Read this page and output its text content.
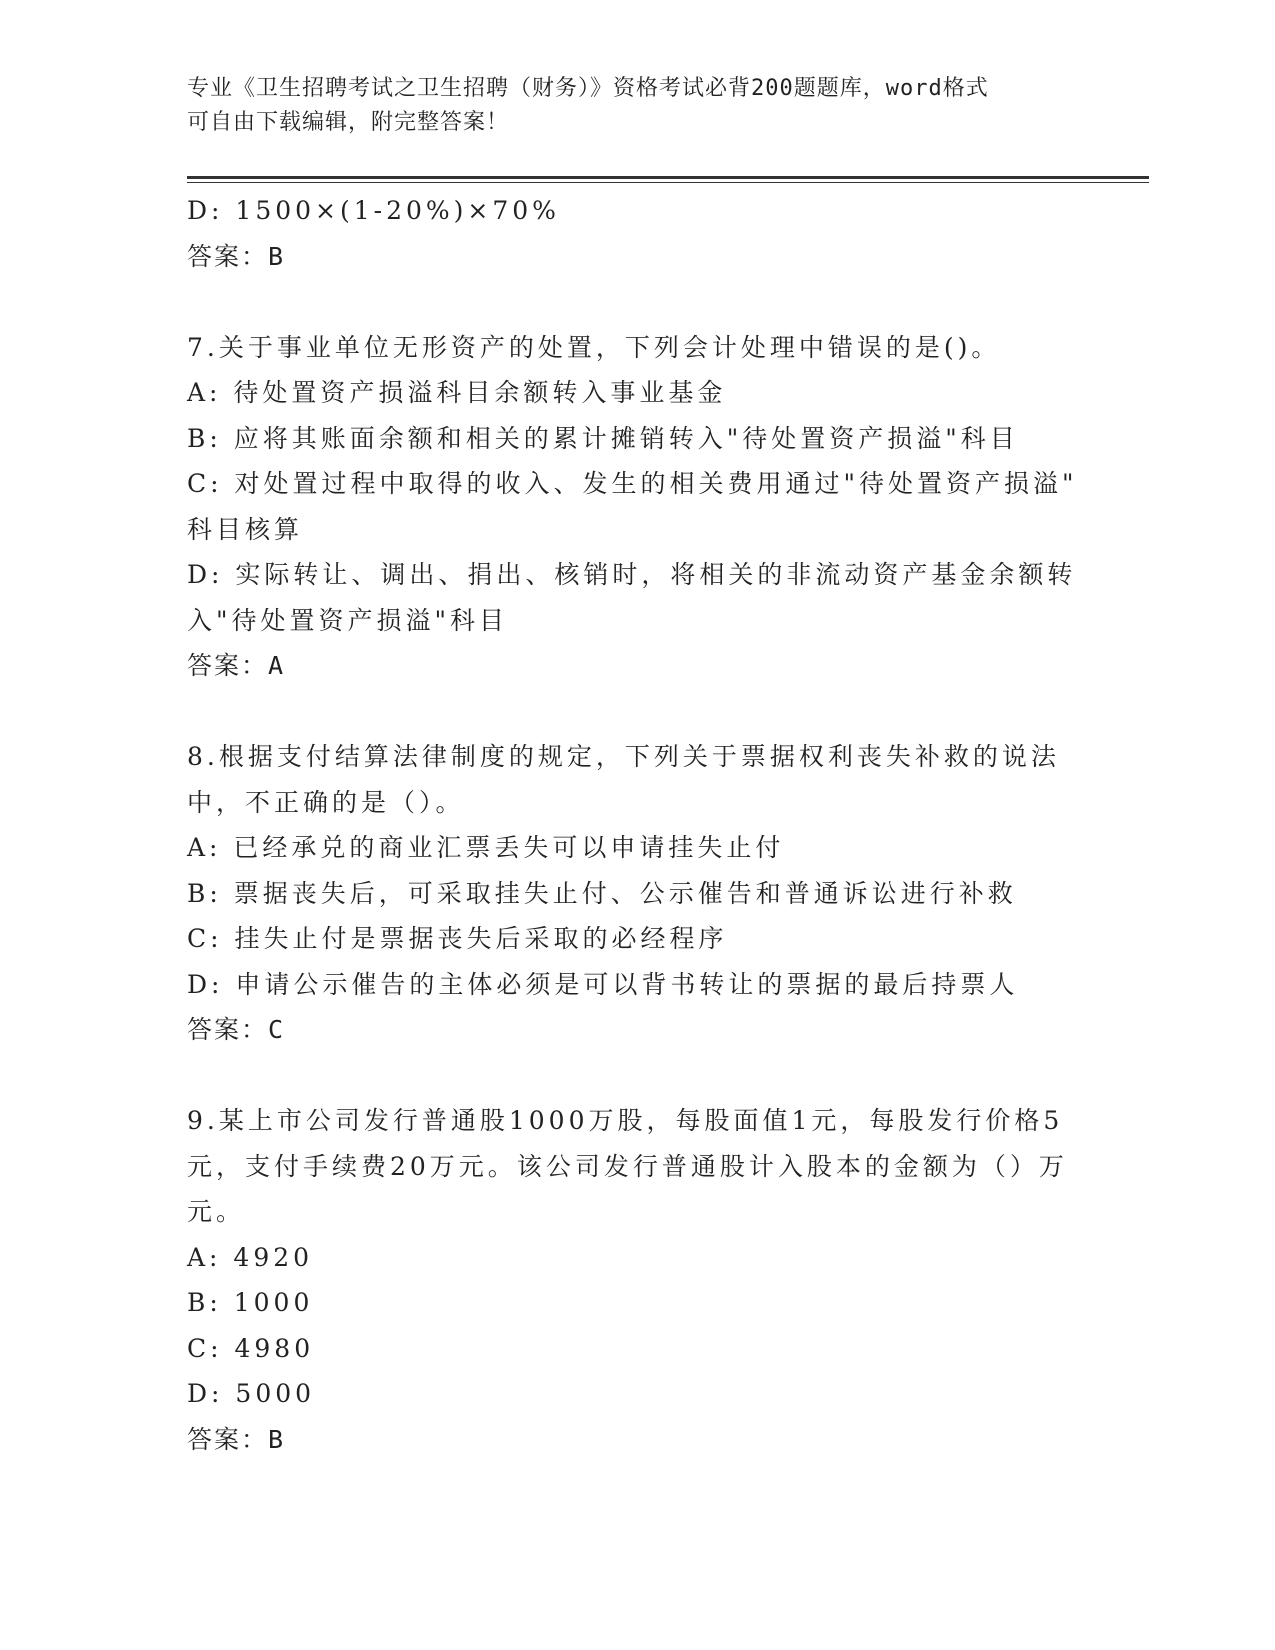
专业《卫生招聘考试之卫生招聘（财务）》资格考试必背200题题库，word格式
可自由下载编辑，附完整答案！
D: 1500×(1-20%)×70%
答案：B
7.关于事业单位无形资产的处置，下列会计处理中错误的是()。
A: 待处置资产损溢科目余额转入事业基金
B: 应将其账面余额和相关的累计摊销转入"待处置资产损溢"科目
C: 对处置过程中取得的收入、发生的相关费用通过"待处置资产损溢"
科目核算
D: 实际转让、调出、捐出、核销时，将相关的非流动资产基金余额转
入"待处置资产损溢"科目
答案：A
8.根据支付结算法律制度的规定，下列关于票据权利丧失补救的说法
中，不正确的是（）。
A: 已经承兑的商业汇票丢失可以申请挂失止付
B: 票据丧失后，可采取挂失止付、公示催告和普通诉讼进行补救
C: 挂失止付是票据丧失后采取的必经程序
D: 申请公示催告的主体必须是可以背书转让的票据的最后持票人
答案：C
9.某上市公司发行普通股1000万股，每股面值1元，每股发行价格5
元，支付手续费20万元。该公司发行普通股计入股本的金额为（）万
元。
A: 4920
B: 1000
C: 4980
D: 5000
答案：B
